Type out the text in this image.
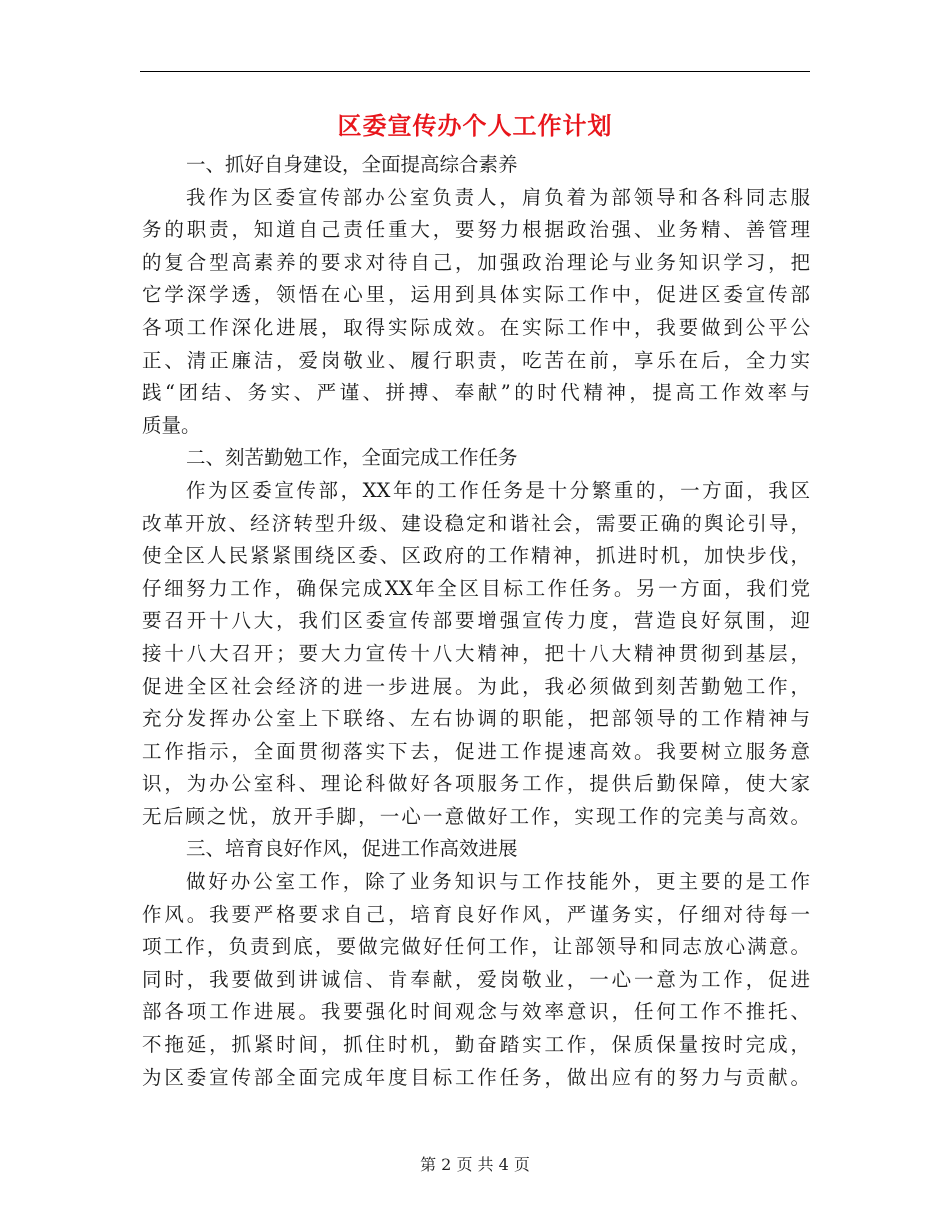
区委宣传办个人工作计划
一、抓好自身建设，全面提高综合素养
我作为区委宣传部办公室负责人，肩负着为部领导和各科同志服
务的职责，知道自己责任重大，要努力根据政治强、业务精、善管理
的复合型高素养的要求对待自己，加强政治理论与业务知识学习，把
它学深学透，领悟在心里，运用到具体实际工作中，促进区委宣传部
各项工作深化进展，取得实际成效。在实际工作中，我要做到公平公
正、清正廉洁，爱岗敬业、履行职责，吃苦在前，享乐在后，全力实
践“团结、务实、严谨、拼搏、奉献”的时代精神，提高工作效率与
质量。
二、刻苦勤勉工作，全面完成工作任务
作为区委宣传部，XX年的工作任务是十分繁重的，一方面，我区
改革开放、经济转型升级、建设稳定和谐社会，需要正确的舆论引导，
使全区人民紧紧围绕区委、区政府的工作精神，抓进时机，加快步伐，
仔细努力工作，确保完成XX年全区目标工作任务。另一方面，我们党
要召开十八大，我们区委宣传部要增强宣传力度，营造良好氛围，迎
接十八大召开；要大力宣传十八大精神，把十八大精神贯彻到基层，
促进全区社会经济的进一步进展。为此，我必须做到刻苦勤勉工作，
充分发挥办公室上下联络、左右协调的职能，把部领导的工作精神与
工作指示，全面贯彻落实下去，促进工作提速高效。我要树立服务意
识，为办公室科、理论科做好各项服务工作，提供后勤保障，使大家
无后顾之忧，放开手脚，一心一意做好工作，实现工作的完美与高效。
三、培育良好作风，促进工作高效进展
做好办公室工作，除了业务知识与工作技能外，更主要的是工作
作风。我要严格要求自己，培育良好作风，严谨务实，仔细对待每一
项工作，负责到底，要做完做好任何工作，让部领导和同志放心满意。
同时，我要做到讲诚信、肯奉献，爱岗敬业，一心一意为工作，促进
部各项工作进展。我要强化时间观念与效率意识，任何工作不推托、
不拖延，抓紧时间，抓住时机，勤奋踏实工作，保质保量按时完成，
为区委宣传部全面完成年度目标工作任务，做出应有的努力与贡献。
第 2 页 共 4 页
